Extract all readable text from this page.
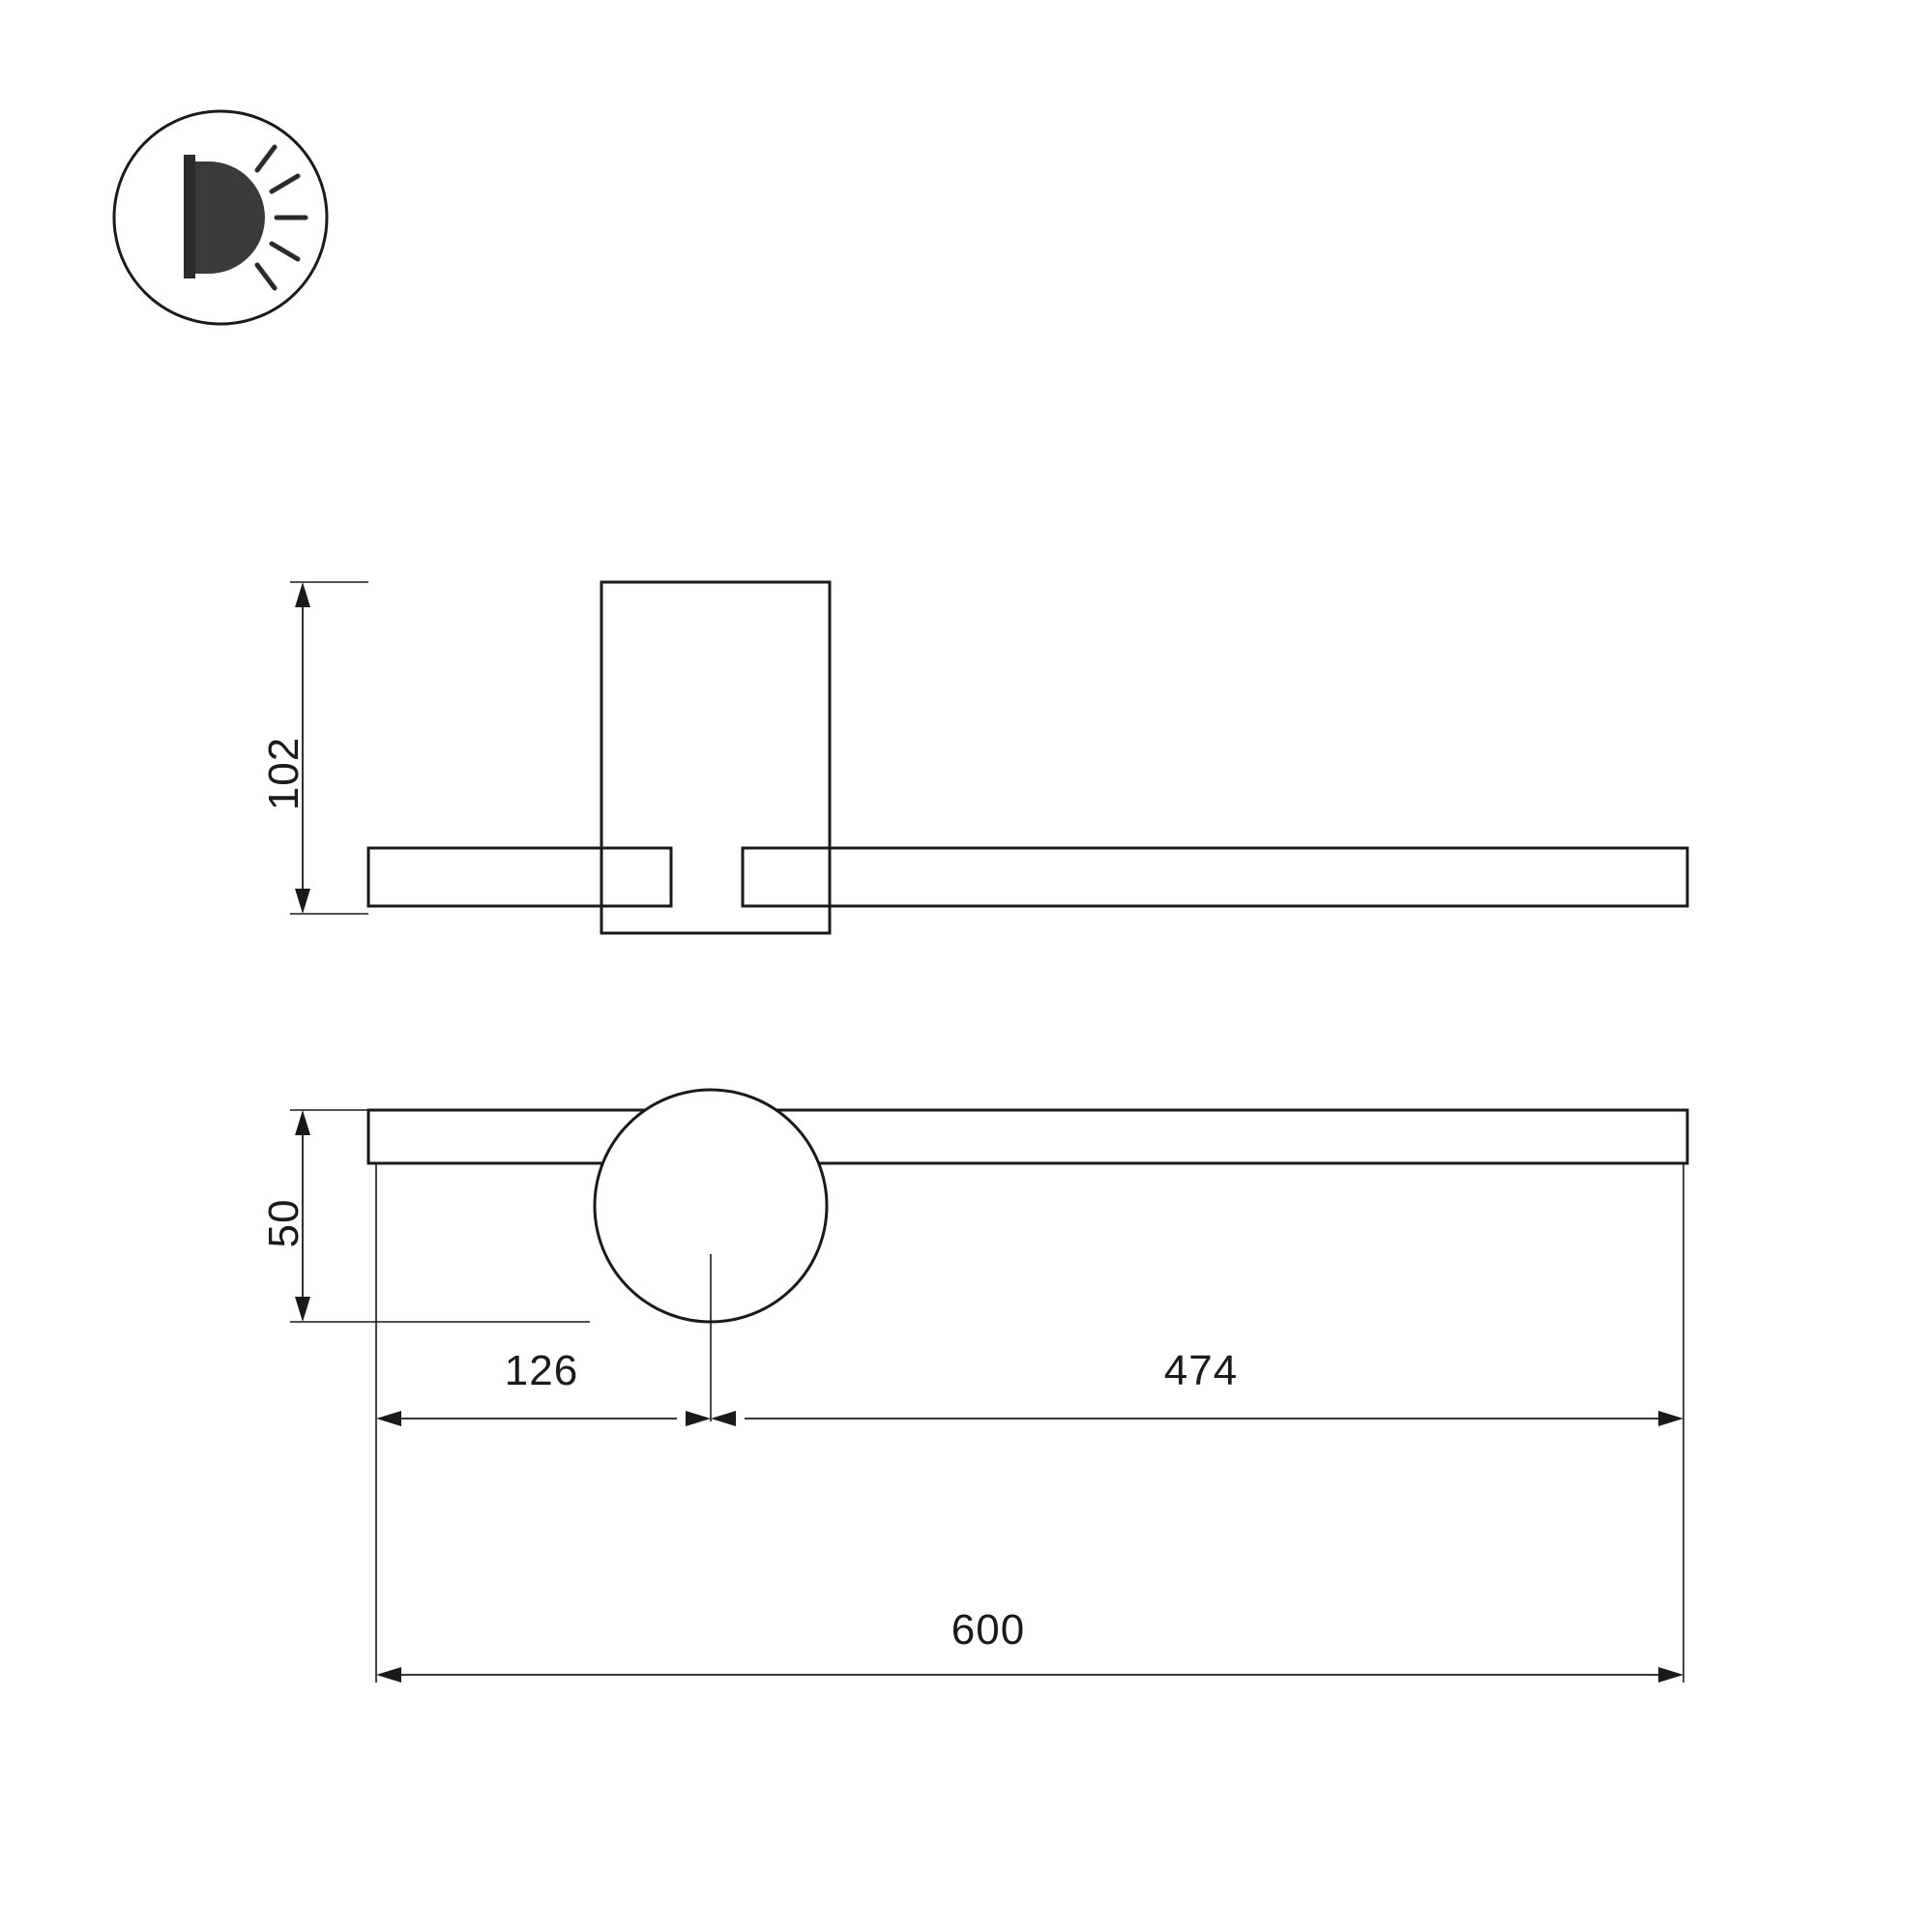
102
50
126	474
600
